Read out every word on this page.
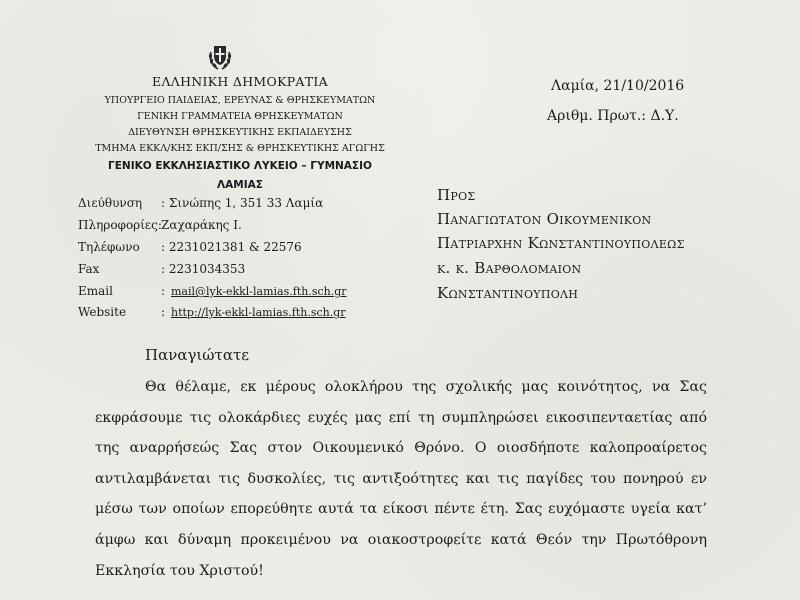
ΕΛΛΗΝΙΚΗ ΔΗΜΟΚΡΑΤΙΑ
ΥΠΟΥΡΓΕΙΟ ΠΑΙΔΕΙΑΣ, ΕΡΕΥΝΑΣ & ΘΡΗΣΚΕΥΜΑΤΩΝ
ΓΕΝΙΚΗ ΓΡΑΜΜΑΤΕΙΑ ΘΡΗΣΚΕΥΜΑΤΩΝ
ΔΙΕΥΘΥΝΣΗ ΘΡΗΣΚΕΥΤΙΚΗΣ ΕΚΠΑΙΔΕΥΣΗΣ
ΤΜΗΜΑ ΕΚΚΛ/ΚΗΣ ΕΚΠ/ΣΗΣ & ΘΡΗΣΚΕΥΤΙΚΗΣ ΑΓΩΓΗΣ
ΓΕΝΙΚΟ ΕΚΚΛΗΣΙΑΣΤΙΚΟ ΛΥΚΕΙΟ – ΓΥΜΝΑΣΙΟ
ΛΑΜΙΑΣ
Διεύθυνση : Σινώπης 1, 351 33 Λαμία
Πληροφορίες:Ζαχαράκης Ι.
Τηλέφωνο : 2231021381 & 22576
Fax	: 2231034353
Email	: mail@lyk-ekkl-lamias.fth.sch.gr
Website	: http://lyk-ekkl-lamias.fth.sch.gr
Λαμία, 21/10/2016
Αριθμ. Πρωτ.: Δ.Υ.
Προς
Παναγιωτατον Οικουμενικον
Πατριαρχην Κωνσταντινουπολεως
κ. κ. Βαρθολομαιον
Κωνσταντινουπολη
Παναγιώτατε

Θα θέλαμε, εκ μέρους ολοκλήρου της σχολικής μας κοινότητος, να Σας εκφράσουμε τις ολοκάρδιες ευχές μας επί τη συμπληρώσει εικοσιπενταετίας από της αναρρήσεώς Σας στον Οικουμενικό Θρόνο. Ο οιοσδήποτε καλοπροαίρετος αντιλαμβάνεται τις δυσκολίες, τις αντιξοότητες και τις παγίδες του πονηρού εν μέσω των οποίων επορεύθητε αυτά τα είκοσι πέντε έτη. Σας ευχόμαστε υγεία κατ’ άμφω και δύναμη προκειμένου να οιακοστροφείτε κατά Θεόν την Πρωτόθρονη Εκκλησία του Χριστού!
